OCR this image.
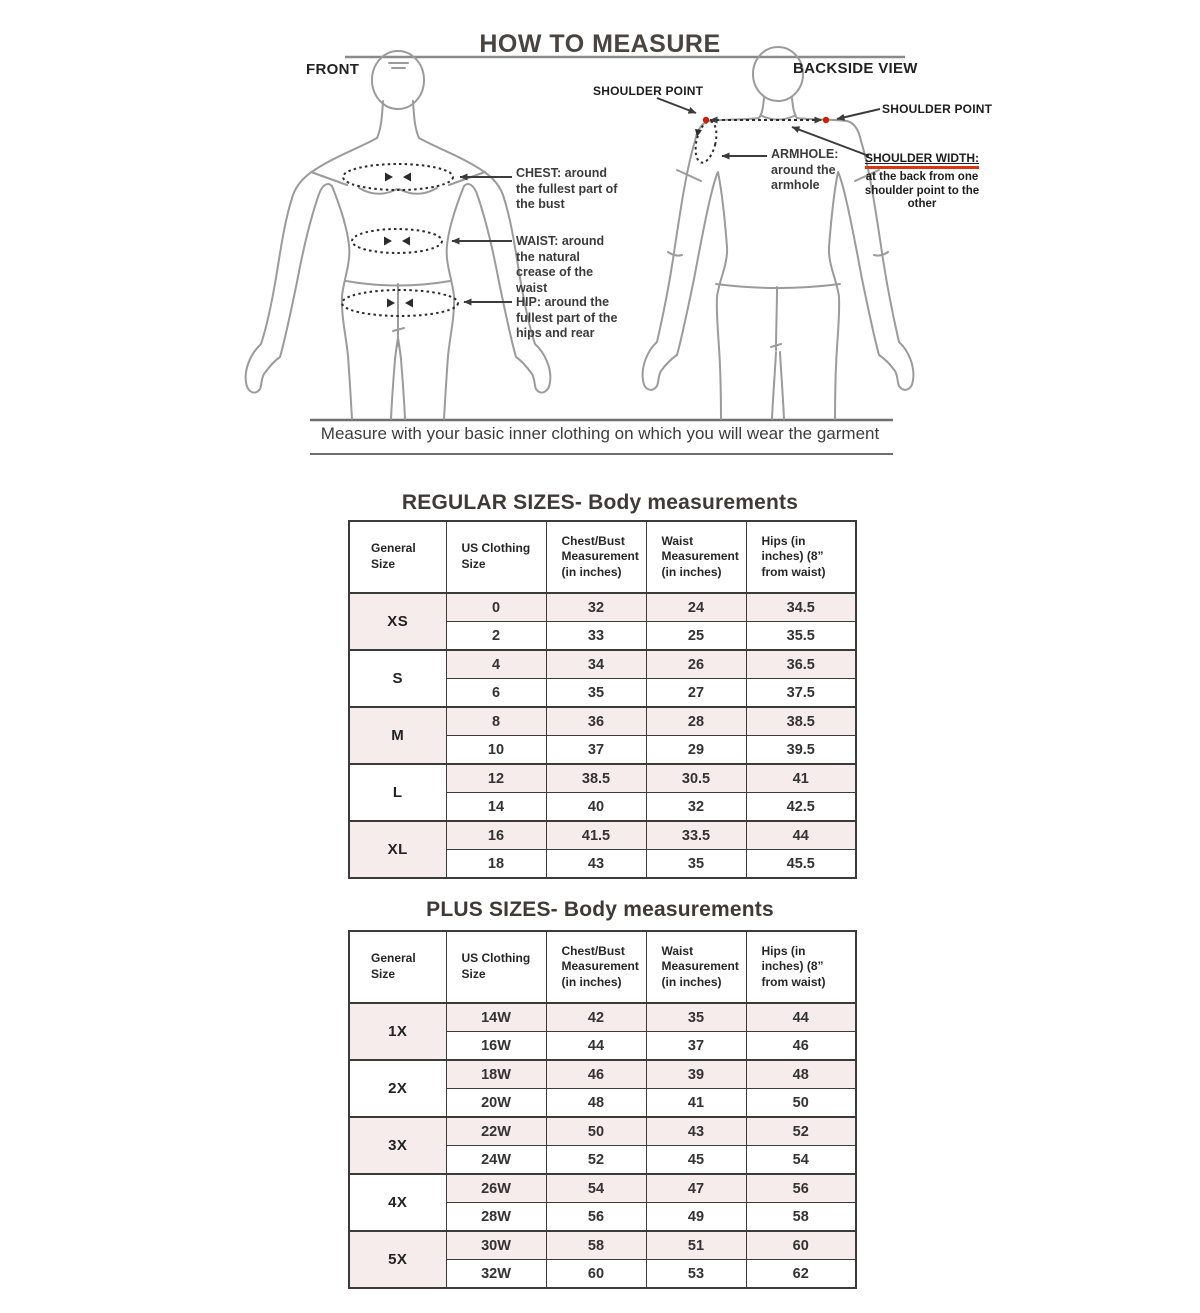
HOW TO MEASURE
FRONT	BACKSIDE VIEW
SHOULDER POINT
SHOULDER POINT
CHEST: around the fullest part of the bust
WAIST: around the natural crease of the waist
HIP: around the fullest part of the hips and rear
ARMHOLE: around the armhole
SHOULDER WIDTH:
at the back from one shoulder point to the other
Measure with your basic inner clothing on which you will wear the garment
REGULAR SIZES- Body measurements
General Size	US Clothing Size	Chest/Bust Measurement (in inches)	Waist Measurement (in inches)	Hips (in inches) (8” from waist)
XS	0	32	24	34.5
	2	33	25	35.5
S	4	34	26	36.5
	6	35	27	37.5
M	8	36	28	38.5
	10	37	29	39.5
L	12	38.5	30.5	41
	14	40	32	42.5
XL	16	41.5	33.5	44
	18	43	35	45.5
PLUS SIZES- Body measurements
General Size	US Clothing Size	Chest/Bust Measurement (in inches)	Waist Measurement (in inches)	Hips (in inches) (8” from waist)
1X	14W	42	35	44
	16W	44	37	46
2X	18W	46	39	48
	20W	48	41	50
3X	22W	50	43	52
	24W	52	45	54
4X	26W	54	47	56
	28W	56	49	58
5X	30W	58	51	60
	32W	60	53	62
